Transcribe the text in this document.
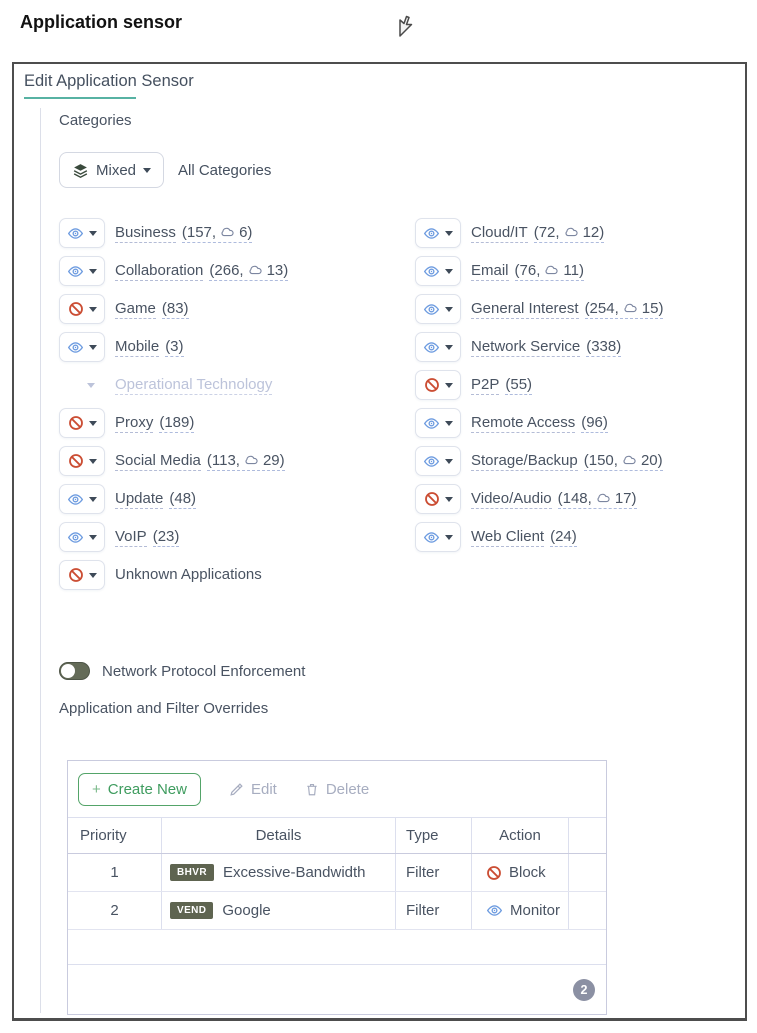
Application sensor
Edit Application Sensor
Categories
Mixed	All Categories
Business (157, 6)
Collaboration (266, 13)
Game (83)
Mobile (3)
Operational Technology
Proxy (189)
Social Media (113, 29)
Update (48)
VoIP (23)
Unknown Applications
Cloud/IT (72, 12)
Email (76, 11)
General Interest (254, 15)
Network Service (338)
P2P (55)
Remote Access (96)
Storage/Backup (150, 20)
Video/Audio (148, 17)
Web Client (24)
Network Protocol Enforcement
Application and Filter Overrides
+ Create New	Edit	Delete
Priority	Details	Type	Action
1	BHVR	Excessive-Bandwidth	Filter	Block
2	VEND	Google	Filter	Monitor
2
